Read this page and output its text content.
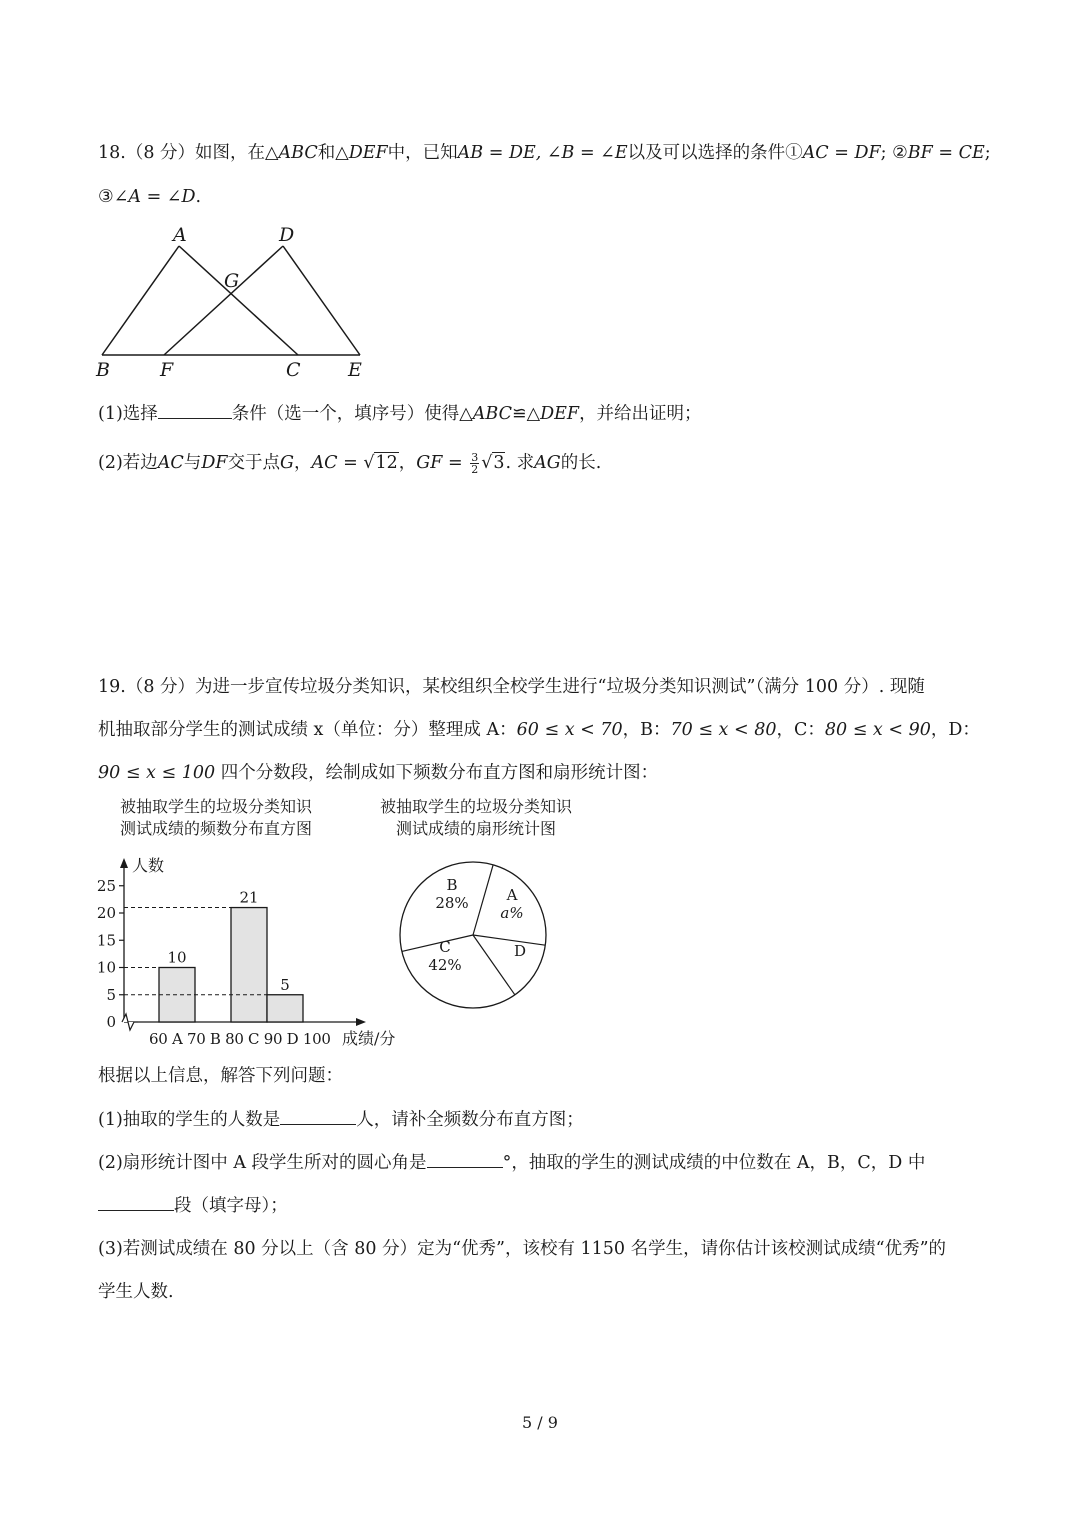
18.（8 分）如图，在△ABC和△DEF中，已知AB = DE, ∠B = ∠E以及可以选择的条件①AC = DF; ②BF = CE;
③∠A = ∠D.
A	D
G
B	F	C E
(1)选择	条件（选一个，填序号）使得△ABC≌△DEF，并给出证明；
(2)若边AC与DF交于点G，AC = √12，GF = $\frac{3}{2} √3$. 求AG的长.
19.（8 分）为进一步宣传垃圾分类知识，某校组织全校学生进行“垃圾分类知识测试”（满分 100 分）. 现随
机抽取部分学生的测试成绩 x（单位：分）整理成 A：60 ≤ x < 70，B：70 ≤ x < 80，C：80 ≤ x < 90，D：
90 ≤ x ≤ 100 四个分数段，绘制成如下频数分布直方图和扇形统计图：
被抽取学生的垃圾分类知识
测试成绩的频数分布直方图
被抽取学生的垃圾分类知识
测试成绩的扇形统计图
0
5
10
15
20
25
人数
10
21
5
60 A 70 B 80 C 90 D 100 成绩/分
A
a%
B
28%
C
42%
D
根据以上信息，解答下列问题：
(1)抽取的学生的人数是	人，请补全频数分布直方图；
(2)扇形统计图中 A 段学生所对的圆心角是	°，抽取的学生的测试成绩的中位数在 A，B，C，D 中
段（填字母）；
(3)若测试成绩在 80 分以上（含 80 分）定为“优秀”，该校有 1150 名学生，请你估计该校测试成绩“优秀”的
学生人数.
5 / 9
